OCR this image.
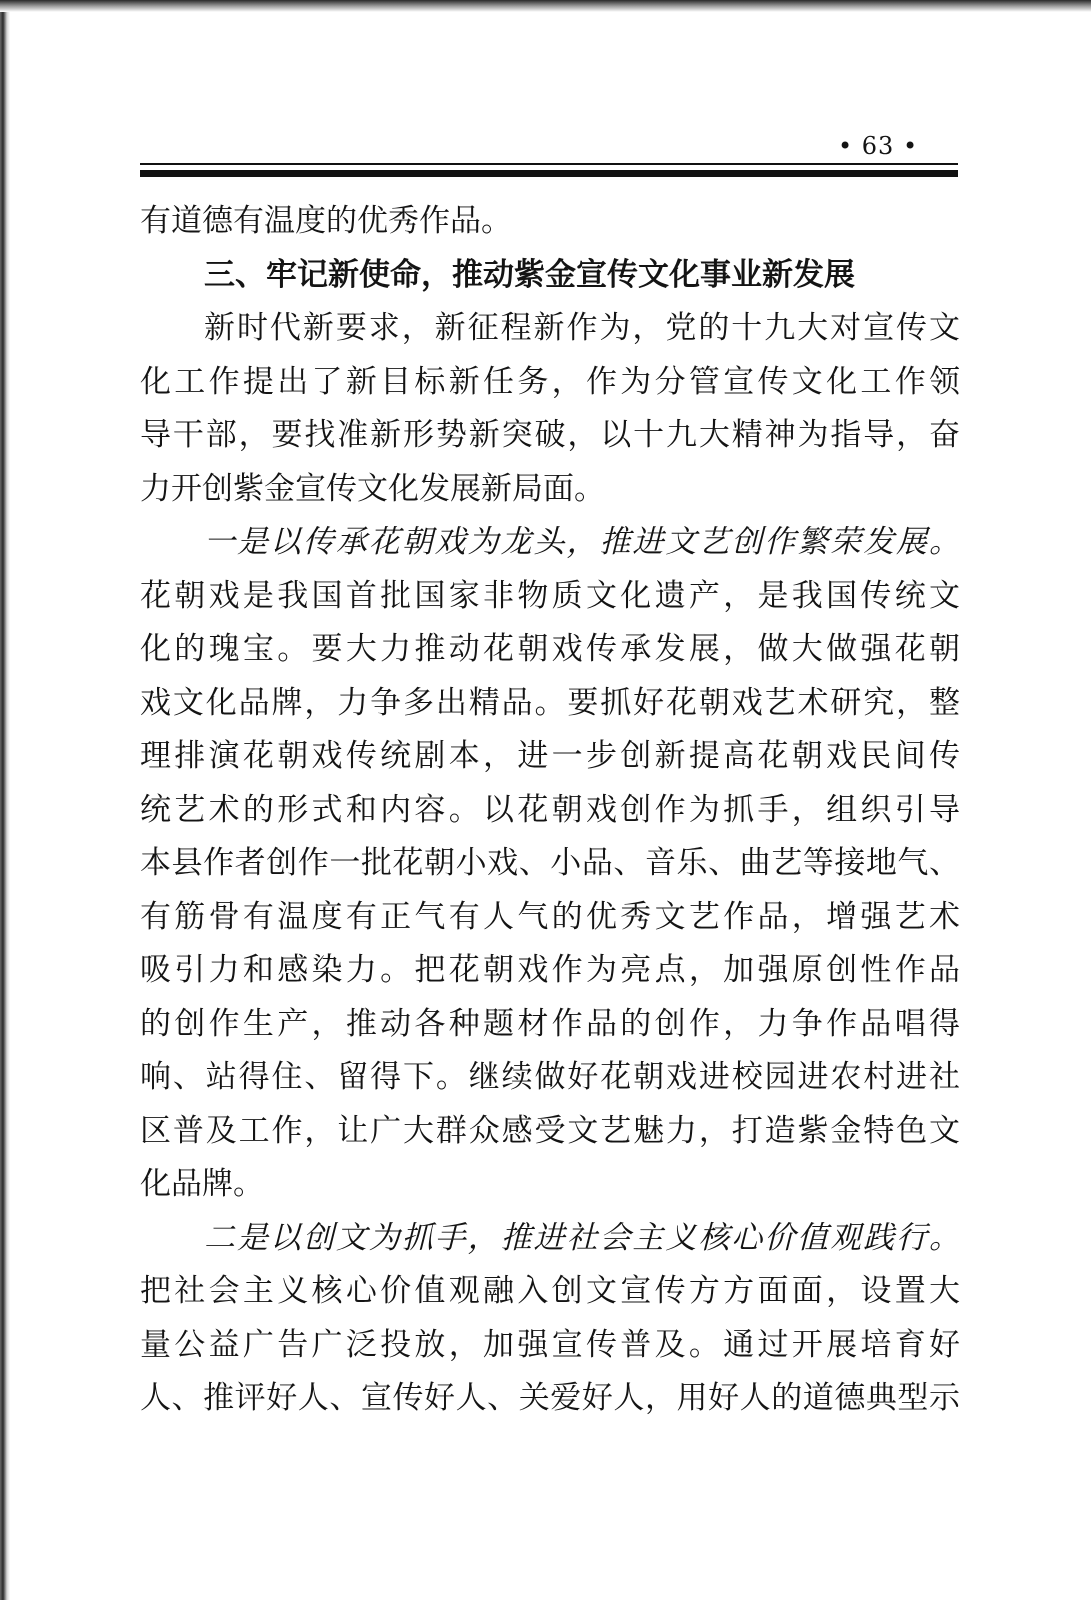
• 63 •
有道德有温度的优秀作品。
三、牢记新使命，推动紫金宣传文化事业新发展
新时代新要求，新征程新作为，党的十九大对宣传文
化工作提出了新目标新任务，作为分管宣传文化工作领
导干部，要找准新形势新突破，以十九大精神为指导，奋
力开创紫金宣传文化发展新局面。
一是以传承花朝戏为龙头，推进文艺创作繁荣发展。
花朝戏是我国首批国家非物质文化遗产，是我国传统文
化的瑰宝。要大力推动花朝戏传承发展，做大做强花朝
戏文化品牌，力争多出精品。要抓好花朝戏艺术研究，整
理排演花朝戏传统剧本，进一步创新提高花朝戏民间传
统艺术的形式和内容。以花朝戏创作为抓手，组织引导
本县作者创作一批花朝小戏、小品、音乐、曲艺等接地气、
有筋骨有温度有正气有人气的优秀文艺作品，增强艺术
吸引力和感染力。把花朝戏作为亮点，加强原创性作品
的创作生产，推动各种题材作品的创作，力争作品唱得
响、站得住、留得下。继续做好花朝戏进校园进农村进社
区普及工作，让广大群众感受文艺魅力，打造紫金特色文
化品牌。
二是以创文为抓手，推进社会主义核心价值观践行。
把社会主义核心价值观融入创文宣传方方面面，设置大
量公益广告广泛投放，加强宣传普及。通过开展培育好
人、推评好人、宣传好人、关爱好人，用好人的道德典型示
